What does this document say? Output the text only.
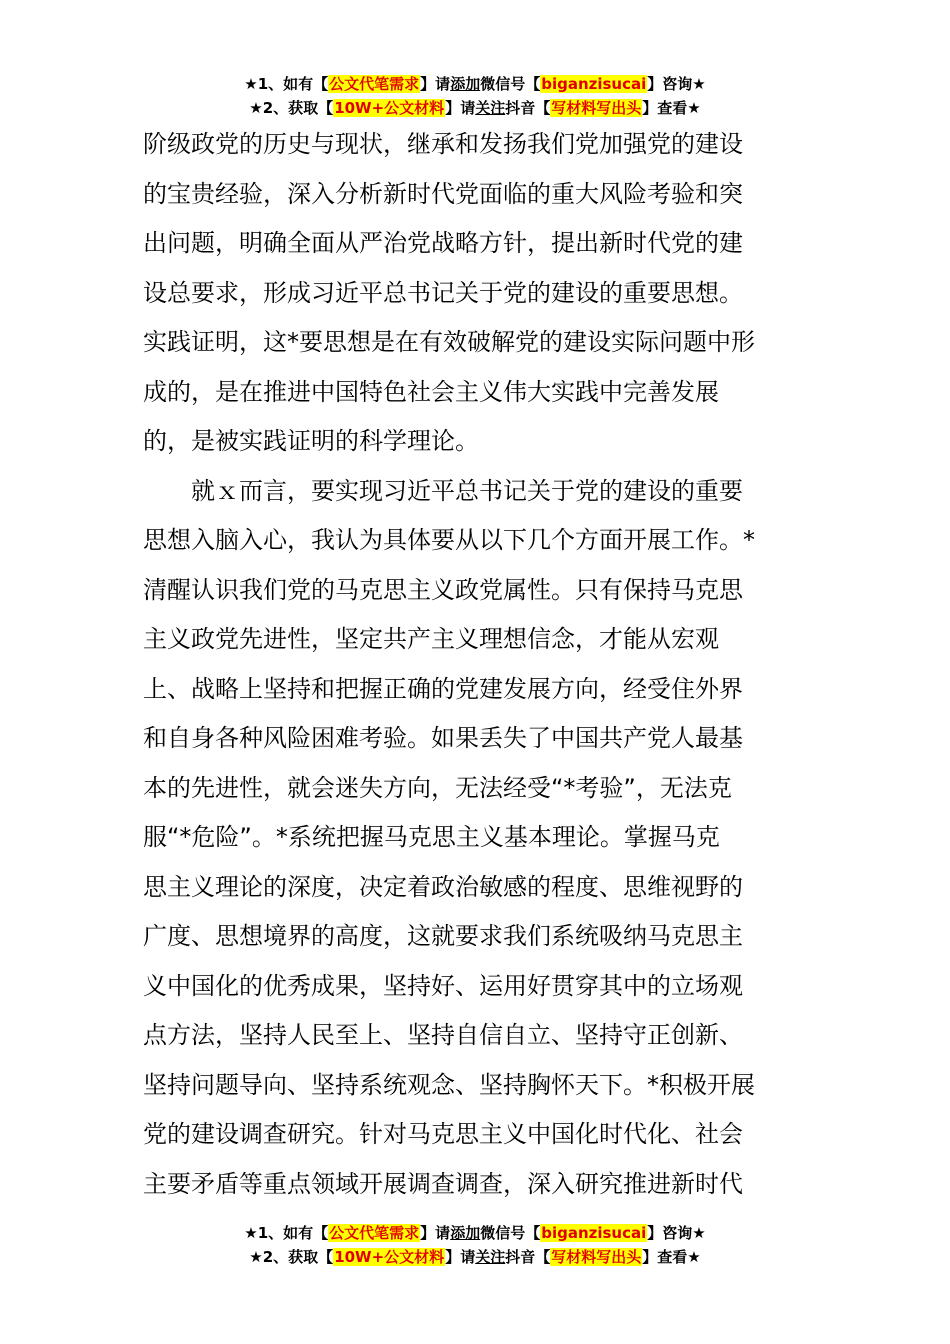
★1、如有【公文代笔需求】请添加微信号【biganzisucai】咨询★
★2、获取【10W+公文材料】请关注抖音【写材料写出头】查看★
阶级政党的历史与现状，继承和发扬我们党加强党的建设
的宝贵经验，深入分析新时代党面临的重大风险考验和突
出问题，明确全面从严治党战略方针，提出新时代党的建
设总要求，形成习近平总书记关于党的建设的重要思想。
实践证明，这*要思想是在有效破解党的建设实际问题中形
成的，是在推进中国特色社会主义伟大实践中完善发展
的，是被实践证明的科学理论。
就ｘ而言，要实现习近平总书记关于党的建设的重要
思想入脑入心，我认为具体要从以下几个方面开展工作。*
清醒认识我们党的马克思主义政党属性。只有保持马克思
主义政党先进性，坚定共产主义理想信念，才能从宏观
上、战略上坚持和把握正确的党建发展方向，经受住外界
和自身各种风险困难考验。如果丢失了中国共产党人最基
本的先进性，就会迷失方向，无法经受“*考验”，无法克
服“*危险”。*系统把握马克思主义基本理论。掌握马克
思主义理论的深度，决定着政治敏感的程度、思维视野的
广度、思想境界的高度，这就要求我们系统吸纳马克思主
义中国化的优秀成果，坚持好、运用好贯穿其中的立场观
点方法，坚持人民至上、坚持自信自立、坚持守正创新、
坚持问题导向、坚持系统观念、坚持胸怀天下。*积极开展
党的建设调查研究。针对马克思主义中国化时代化、社会
主要矛盾等重点领域开展调查调查，深入研究推进新时代
★1、如有【公文代笔需求】请添加微信号【biganzisucai】咨询★
★2、获取【10W+公文材料】请关注抖音【写材料写出头】查看★
